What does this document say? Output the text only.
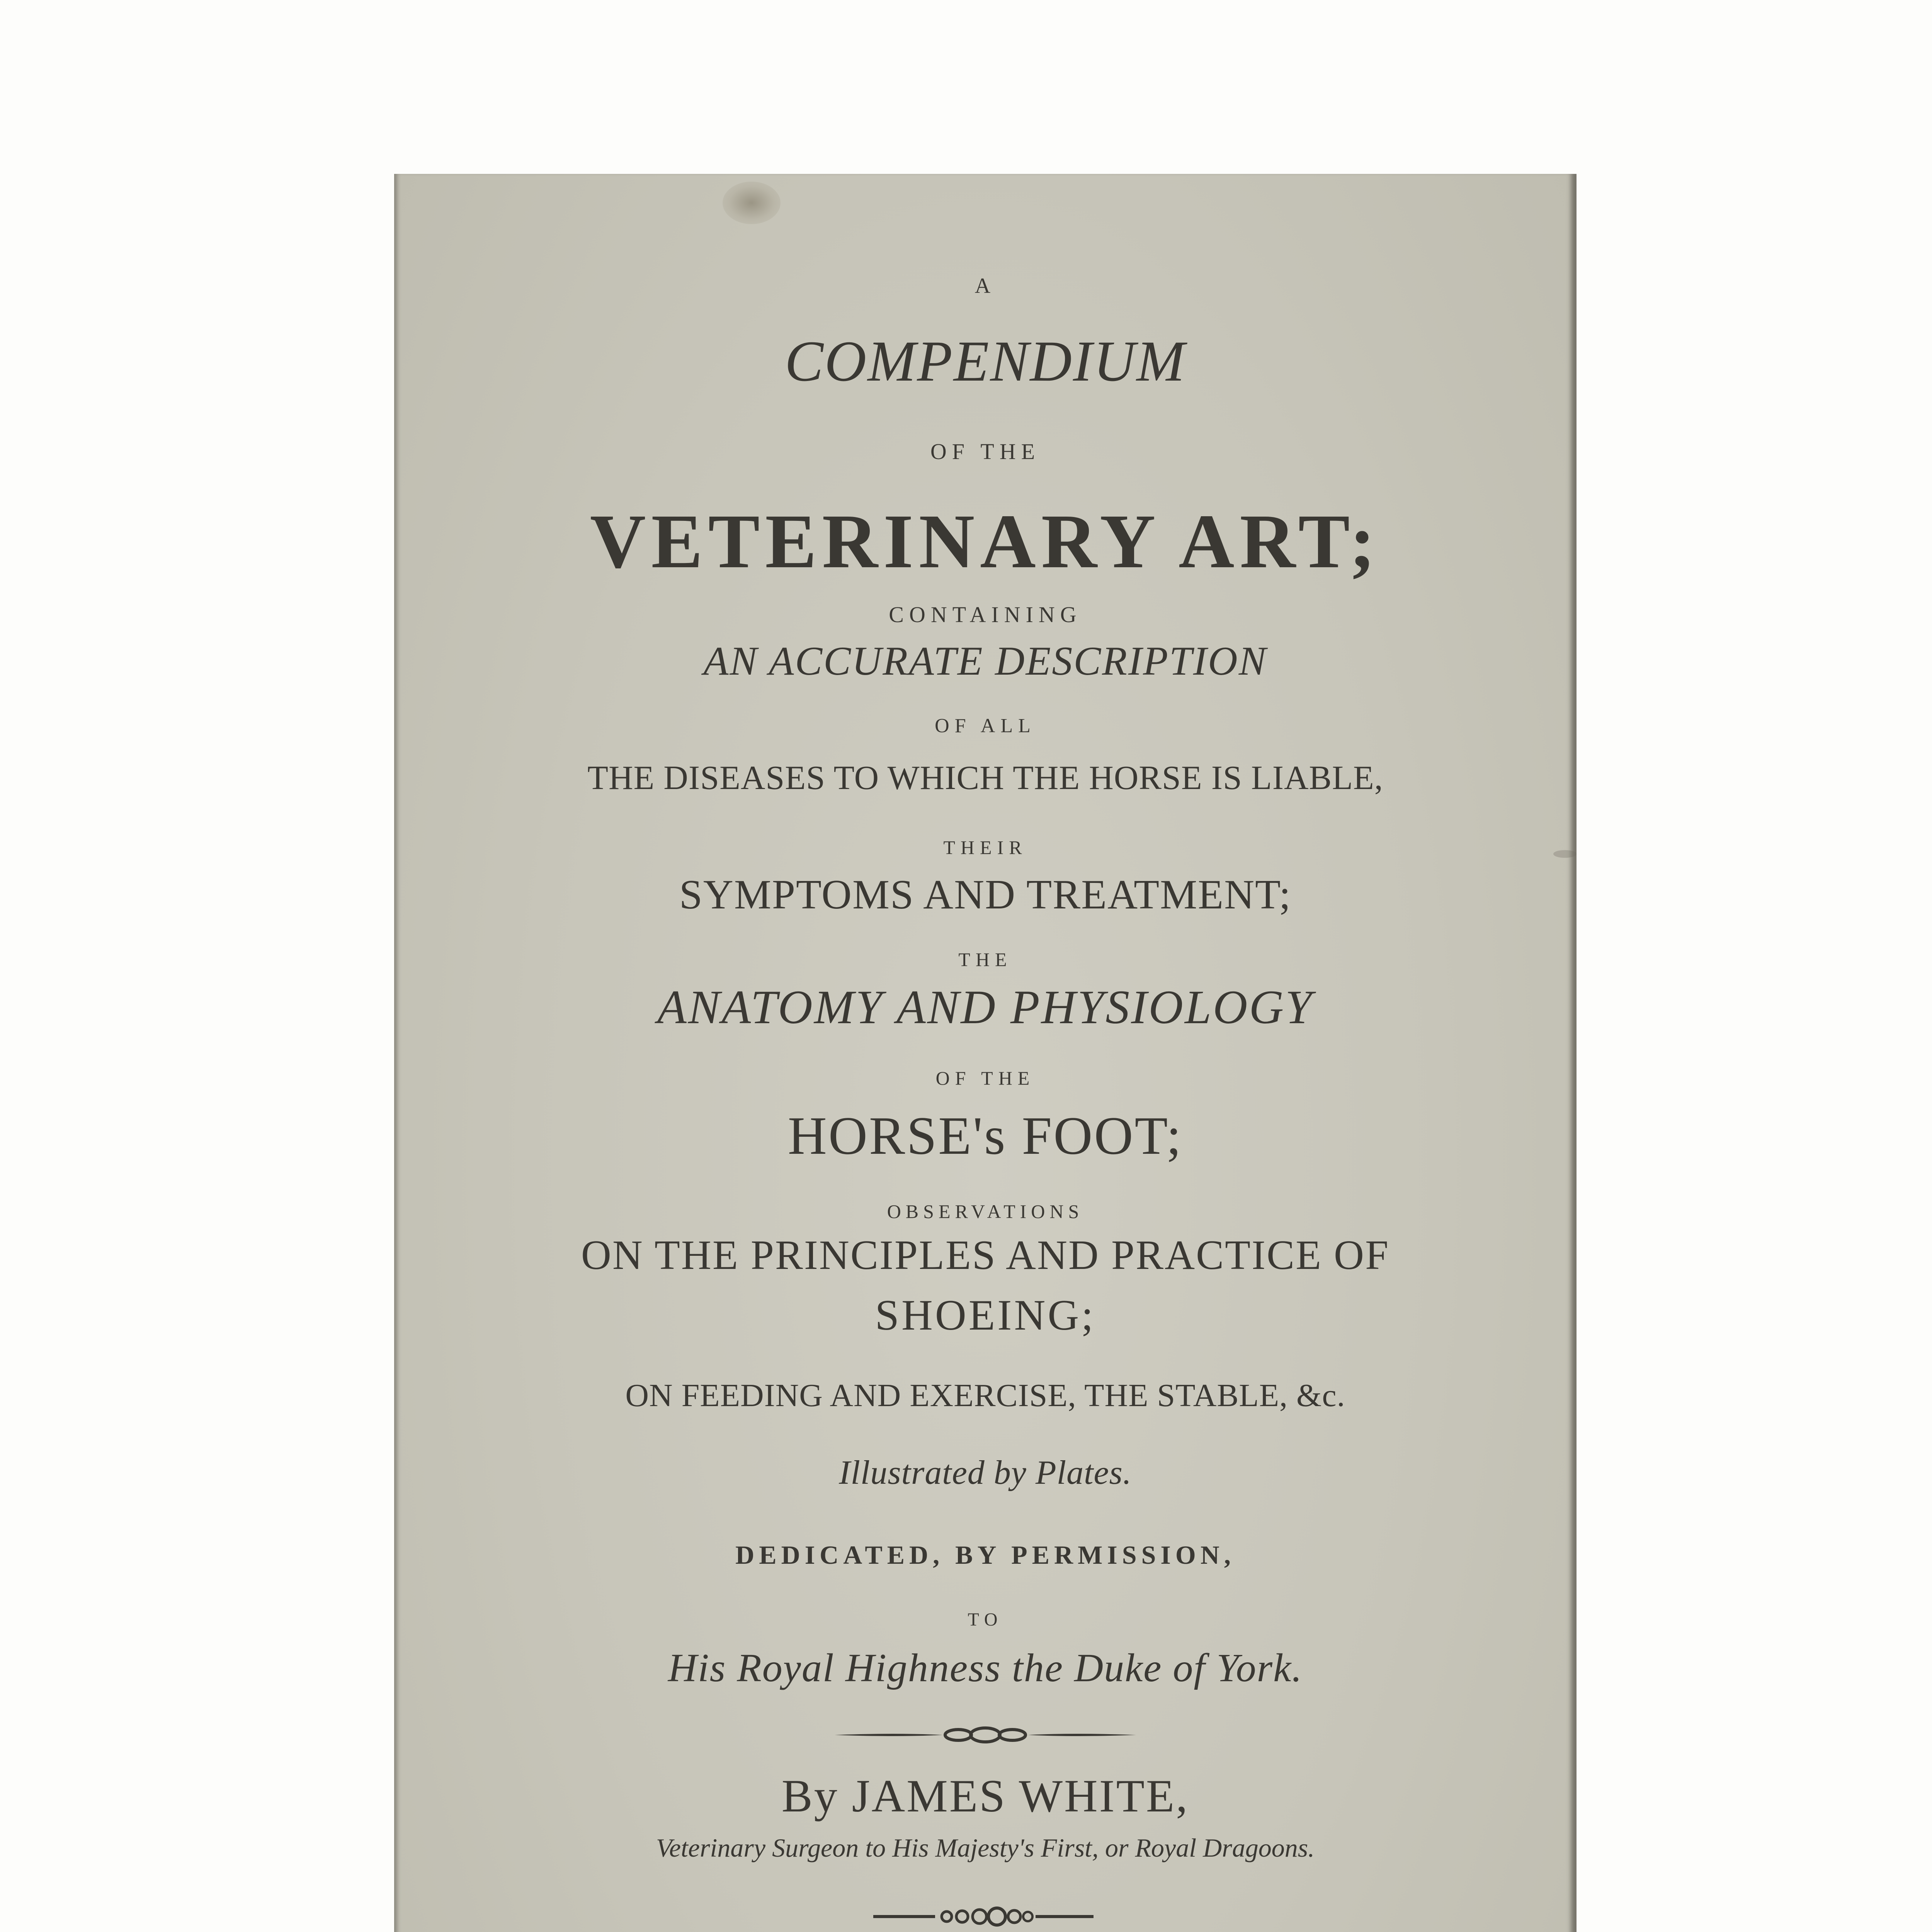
A
COMPENDIUM
OF THE
VETERINARY ART;
CONTAINING
AN ACCURATE DESCRIPTION
OF ALL
THE DISEASES TO WHICH THE HORSE IS LIABLE,
THEIR
SYMPTOMS AND TREATMENT;
THE
ANATOMY AND PHYSIOLOGY
OF THE
HORSE's FOOT;
OBSERVATIONS
ON THE PRINCIPLES AND PRACTICE OF
SHOEING;
ON FEEDING AND EXERCISE, THE STABLE, &c.
Illustrated by Plates.
DEDICATED, BY PERMISSION,
TO
His Royal Highness the Duke of York.
By JAMES WHITE,
Veterinary Surgeon to His Majesty's First, or Royal Dragoons.
